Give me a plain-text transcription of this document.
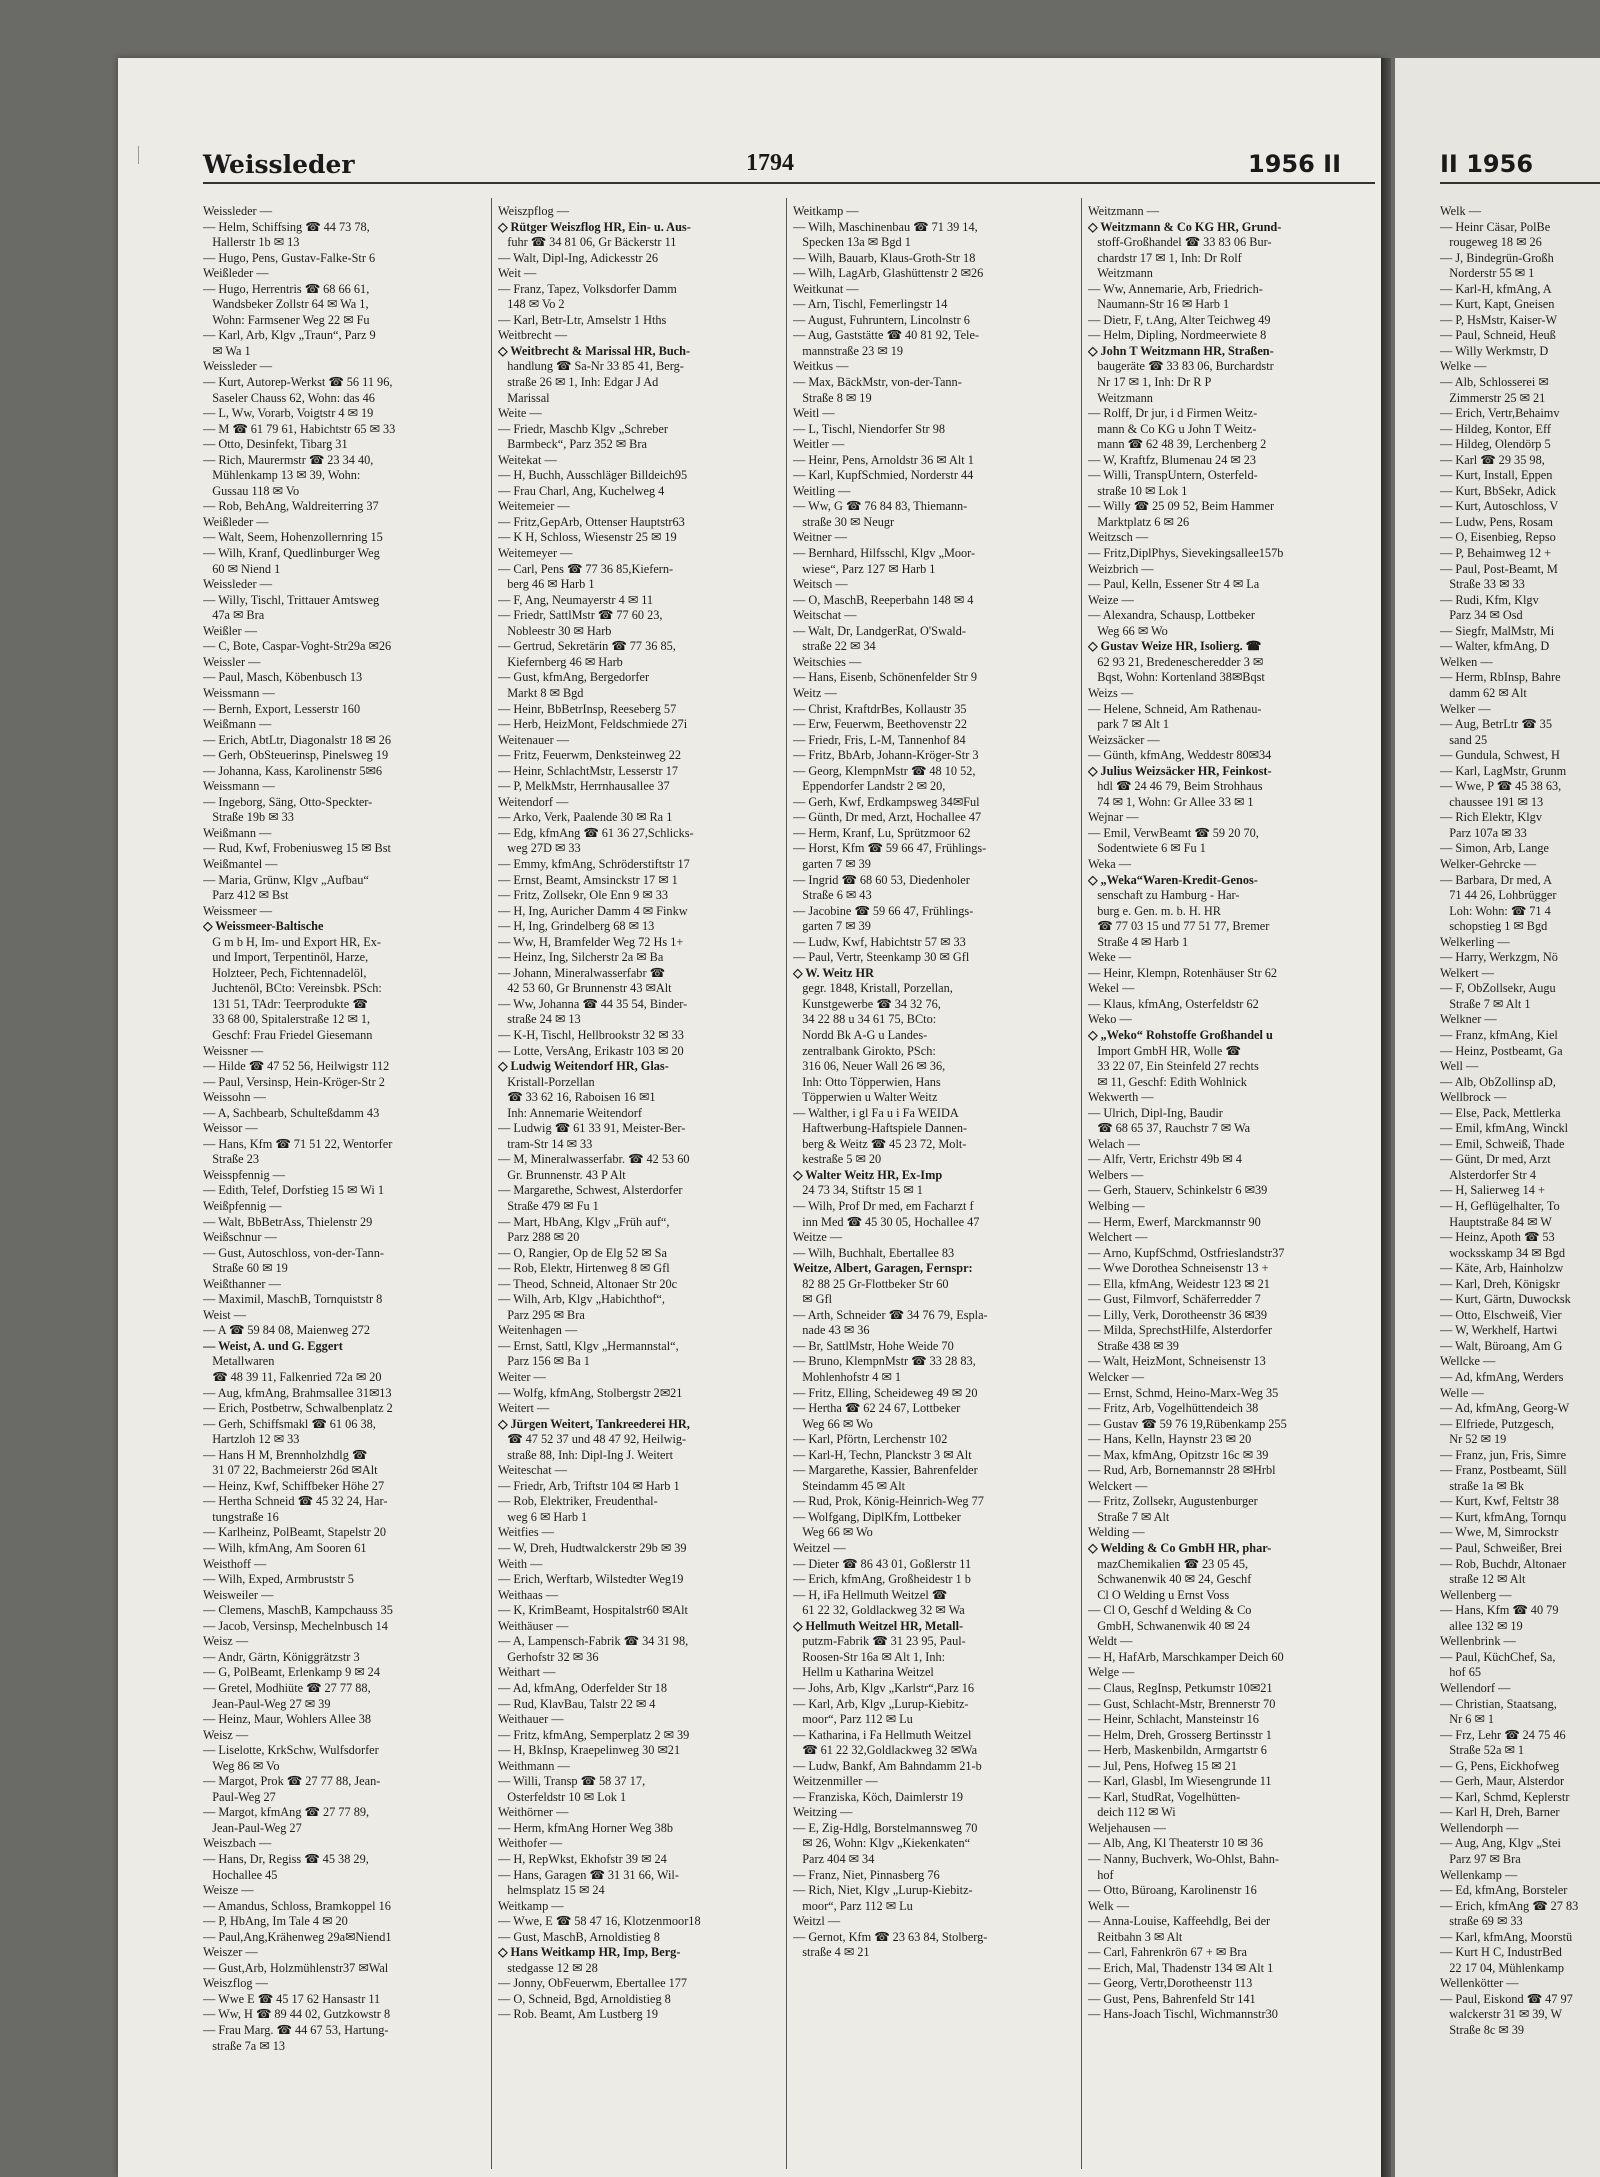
Weissleder	1794	1956 II
Weissleder —
— Helm, Schiffsing ☎ 44 73 78,
Hallerstr 1b ✉ 13
— Hugo, Pens, Gustav-Falke-Str 6
Weißleder —
— Hugo, Herrentris ☎ 68 66 61,
Wandsbeker Zollstr 64 ✉ Wa 1,
Wohn: Farmsener Weg 22 ✉ Fu
— Karl, Arb, Klgv „Traun“, Parz 9
✉ Wa 1
Weissleder —
— Kurt, Autorep-Werkst ☎ 56 11 96,
Saseler Chauss 62, Wohn: das 46
— L, Ww, Vorarb, Voigtstr 4 ✉ 19
— M ☎ 61 79 61, Habichtstr 65 ✉ 33
— Otto, Desinfekt, Tibarg 31
— Rich, Maurermstr ☎ 23 34 40,
Mühlenkamp 13 ✉ 39, Wohn:
Gussau 118 ✉ Vo
— Rob, BehAng, Waldreiterring 37
Weißleder —
— Walt, Seem, Hohenzollernring 15
— Wilh, Kranf, Quedlinburger Weg
60 ✉ Niend 1
Weissleder —
— Willy, Tischl, Trittauer Amtsweg
47a ✉ Bra
Weißler —
— C, Bote, Caspar-Voght-Str29a ✉26
Weissler —
— Paul, Masch, Köbenbusch 13
Weissmann —
— Bernh, Export, Lesserstr 160
Weißmann —
— Erich, AbtLtr, Diagonalstr 18 ✉ 26
— Gerh, ObSteuerinsp, Pinelsweg 19
— Johanna, Kass, Karolinenstr 5✉6
Weissmann —
— Ingeborg, Säng, Otto-Speckter-
Straße 19b ✉ 33
Weißmann —
— Rud, Kwf, Frobeniusweg 15 ✉ Bst
Weißmantel —
— Maria, Grünw, Klgv „Aufbau“
Parz 412 ✉ Bst
Weissmeer —
◇ Weissmeer-Baltische
G m b H, Im- und Export HR, Ex-
und Import, Terpentinöl, Harze,
Holzteer, Pech, Fichtennadelöl,
Juchtenöl, BCto: Vereinsbk. PSch:
131 51, TAdr: Teerprodukte ☎
33 68 00, Spitalerstraße 12 ✉ 1,
Geschf: Frau Friedel Giesemann
Weissner —
— Hilde ☎ 47 52 56, Heilwigstr 112
— Paul, Versinsp, Hein-Kröger-Str 2
Weissohn —
— A, Sachbearb, Schulteßdamm 43
Weissor —
— Hans, Kfm ☎ 71 51 22, Wentorfer
Straße 23
Weisspfennig —
— Edith, Telef, Dorfstieg 15 ✉ Wi 1
Weißpfennig —
— Walt, BbBetrAss, Thielenstr 29
Weißschnur —
— Gust, Autoschloss, von-der-Tann-
Straße 60 ✉ 19
Weißthanner —
— Maximil, MaschB, Tornquiststr 8
Weist —
— A ☎ 59 84 08, Maienweg 272
— Weist, A. und G. Eggert
Metallwaren
☎ 48 39 11, Falkenried 72a ✉ 20
— Aug, kfmAng, Brahmsallee 31✉13
— Erich, Postbetrw, Schwalbenplatz 2
— Gerh, Schiffsmakl ☎ 61 06 38,
Hartzloh 12 ✉ 33
— Hans H M, Brennholzhdlg ☎
31 07 22, Bachmeierstr 26d ✉Alt
— Heinz, Kwf, Schiffbeker Höhe 27
— Hertha Schneid ☎ 45 32 24, Har-
tungstraße 16
— Karlheinz, PolBeamt, Stapelstr 20
— Wilh, kfmAng, Am Sooren 61
Weisthoff —
— Wilh, Exped, Armbruststr 5
Weisweiler —
— Clemens, MaschB, Kampchauss 35
— Jacob, Versinsp, Mechelnbusch 14
Weisz —
— Andr, Gärtn, Königgrätzstr 3
— G, PolBeamt, Erlenkamp 9 ✉ 24
— Gretel, Modhiüte ☎ 27 77 88,
Jean-Paul-Weg 27 ✉ 39
— Heinz, Maur, Wohlers Allee 38
Weisz —
— Liselotte, KrkSchw, Wulfsdorfer
Weg 86 ✉ Vo
— Margot, Prok ☎ 27 77 88, Jean-
Paul-Weg 27
— Margot, kfmAng ☎ 27 77 89,
Jean-Paul-Weg 27
Weiszbach —
— Hans, Dr, Regiss ☎ 45 38 29,
Hochallee 45
Weisze —
— Amandus, Schloss, Bramkoppel 16
— P, HbAng, Im Tale 4 ✉ 20
— Paul,Ang,Krähenweg 29a✉Niend1
Weiszer —
— Gust,Arb, Holzmühlenstr37 ✉Wal
Weiszflog —
— Wwe E ☎ 45 17 62 Hansastr 11
— Ww, H ☎ 89 44 02, Gutzkowstr 8
— Frau Marg. ☎ 44 67 53, Hartung-
straße 7a ✉ 13
Weiszpflog —
◇ Rütger Weiszflog HR, Ein- u. Aus-
fuhr ☎ 34 81 06, Gr Bäckerstr 11
— Walt, Dipl-Ing, Adickesstr 26
Weit —
— Franz, Tapez, Volksdorfer Damm
148 ✉ Vo 2
— Karl, Betr-Ltr, Amselstr 1 Hths
Weitbrecht —
◇ Weitbrecht & Marissal HR, Buch-
handlung ☎ Sa-Nr 33 85 41, Berg-
straße 26 ✉ 1, Inh: Edgar J Ad
Marissal
Weite —
— Friedr, Maschb Klgv „Schreber
Barmbeck“, Parz 352 ✉ Bra
Weitekat —
— H, Buchh, Ausschläger Billdeich95
— Frau Charl, Ang, Kuchelweg 4
Weitemeier —
— Fritz,GepArb, Ottenser Hauptstr63
— K H, Schloss, Wiesenstr 25 ✉ 19
Weitemeyer —
— Carl, Pens ☎ 77 36 85,Kiefern-
berg 46 ✉ Harb 1
— F, Ang, Neumayerstr 4 ✉ 11
— Friedr, SattlMstr ☎ 77 60 23,
Nobleestr 30 ✉ Harb
— Gertrud, Sekretärin ☎ 77 36 85,
Kiefernberg 46 ✉ Harb
— Gust, kfmAng, Bergedorfer
Markt 8 ✉ Bgd
— Heinr, BbBetrInsp, Reeseberg 57
— Herb, HeizMont, Feldschmiede 27i
Weitenauer —
— Fritz, Feuerwm, Denksteinweg 22
— Heinr, SchlachtMstr, Lesserstr 17
— P, MelkMstr, Herrnhausallee 37
Weitendorf —
— Arko, Verk, Paalende 30 ✉ Ra 1
— Edg, kfmAng ☎ 61 36 27,Schlicks-
weg 27D ✉ 33
— Emmy, kfmAng, Schröderstiftstr 17
— Ernst, Beamt, Amsinckstr 17 ✉ 1
— Fritz, Zollsekr, Ole Enn 9 ✉ 33
— H, Ing, Auricher Damm 4 ✉ Finkw
— H, Ing, Grindelberg 68 ✉ 13
— Ww, H, Bramfelder Weg 72 Hs 1+
— Heinz, Ing, Silcherstr 2a ✉ Ba
— Johann, Mineralwasserfabr ☎
42 53 60, Gr Brunnenstr 43 ✉Alt
— Ww, Johanna ☎ 44 35 54, Binder-
straße 24 ✉ 13
— K-H, Tischl, Hellbrookstr 32 ✉ 33
— Lotte, VersAng, Erikastr 103 ✉ 20
◇ Ludwig Weitendorf HR, Glas-
Kristall-Porzellan
☎ 33 62 16, Raboisen 16 ✉1
Inh: Annemarie Weitendorf
— Ludwig ☎ 61 33 91, Meister-Ber-
tram-Str 14 ✉ 33
— M, Mineralwasserfabr. ☎ 42 53 60
Gr. Brunnenstr. 43 P Alt
— Margarethe, Schwest, Alsterdorfer
Straße 479 ✉ Fu 1
— Mart, HbAng, Klgv „Früh auf“,
Parz 288 ✉ 20
— O, Rangier, Op de Elg 52 ✉ Sa
— Rob, Elektr, Hirtenweg 8 ✉ Gfl
— Theod, Schneid, Altonaer Str 20c
— Wilh, Arb, Klgv „Habichthof“,
Parz 295 ✉ Bra
Weitenhagen —
— Ernst, Sattl, Klgv „Hermannstal“,
Parz 156 ✉ Ba 1
Weiter —
— Wolfg, kfmAng, Stolbergstr 2✉21
Weitert —
◇ Jürgen Weitert, Tankreederei HR,
☎ 47 52 37 und 48 47 92, Heilwig-
straße 88, Inh: Dipl-Ing J. Weitert
Weiteschat —
— Friedr, Arb, Triftstr 104 ✉ Harb 1
— Rob, Elektriker, Freudenthal-
weg 6 ✉ Harb 1
Weitfies —
— W, Dreh, Hudtwalckerstr 29b ✉ 39
Weith —
— Erich, Werftarb, Wilstedter Weg19
Weithaas —
— K, KrimBeamt, Hospitalstr60 ✉Alt
Weithäuser —
— A, Lampensch-Fabrik ☎ 34 31 98,
Gerhofstr 32 ✉ 36
Weithart —
— Ad, kfmAng, Oderfelder Str 18
— Rud, KlavBau, Talstr 22 ✉ 4
Weithauer —
— Fritz, kfmAng, Semperplatz 2 ✉ 39
— H, BkInsp, Kraepelinweg 30 ✉21
Weithmann —
— Willi, Transp ☎ 58 37 17,
Osterfeldstr 10 ✉ Lok 1
Weithörner —
— Herm, kfmAng Horner Weg 38b
Weithofer —
— H, RepWkst, Ekhofstr 39 ✉ 24
— Hans, Garagen ☎ 31 31 66, Wil-
helmsplatz 15 ✉ 24
Weitkamp —
— Wwe, E ☎ 58 47 16, Klotzenmoor18
— Gust, MaschB, Arnoldistieg 8
◇ Hans Weitkamp HR, Imp, Berg-
stedgasse 12 ✉ 28
— Jonny, ObFeuerwm, Ebertallee 177
— O, Schneid, Bgd, Arnoldistieg 8
— Rob. Beamt, Am Lustberg 19
Weitkamp —
— Wilh, Maschinenbau ☎ 71 39 14,
Specken 13a ✉ Bgd 1
— Wilh, Bauarb, Klaus-Groth-Str 18
— Wilh, LagArb, Glashüttenstr 2 ✉26
Weitkunat —
— Arn, Tischl, Femerlingstr 14
— August, Fuhruntern, Lincolnstr 6
— Aug, Gaststätte ☎ 40 81 92, Tele-
mannstraße 23 ✉ 19
Weitkus —
— Max, BäckMstr, von-der-Tann-
Straße 8 ✉ 19
Weitl —
— L, Tischl, Niendorfer Str 98
Weitler —
— Heinr, Pens, Arnoldstr 36 ✉ Alt 1
— Karl, KupfSchmied, Norderstr 44
Weitling —
— Ww, G ☎ 76 84 83, Thiemann-
straße 30 ✉ Neugr
Weitner —
— Bernhard, Hilfsschl, Klgv „Moor-
wiese“, Parz 127 ✉ Harb 1
Weitsch —
— O, MaschB, Reeperbahn 148 ✉ 4
Weitschat —
— Walt, Dr, LandgerRat, O'Swald-
straße 22 ✉ 34
Weitschies —
— Hans, Eisenb, Schönenfelder Str 9
Weitz —
— Christ, KraftdrBes, Kollaustr 35
— Erw, Feuerwm, Beethovenstr 22
— Friedr, Fris, L-M, Tannenhof 84
— Fritz, BbArb, Johann-Kröger-Str 3
— Georg, KlempnMstr ☎ 48 10 52,
Eppendorfer Landstr 2 ✉ 20,
— Gerh, Kwf, Erdkampsweg 34✉Ful
— Günth, Dr med, Arzt, Hochallee 47
— Herm, Kranf, Lu, Sprützmoor 62
— Horst, Kfm ☎ 59 66 47, Frühlings-
garten 7 ✉ 39
— Ingrid ☎ 68 60 53, Diedenholer
Straße 6 ✉ 43
— Jacobine ☎ 59 66 47, Frühlings-
garten 7 ✉ 39
— Ludw, Kwf, Habichtstr 57 ✉ 33
— Paul, Vertr, Steenkamp 30 ✉ Gfl
◇ W. Weitz HR
gegr. 1848, Kristall, Porzellan,
Kunstgewerbe ☎ 34 32 76,
34 22 88 u 34 61 75, BCto:
Nordd Bk A-G u Landes-
zentralbank Girokto, PSch:
316 06, Neuer Wall 26 ✉ 36,
Inh: Otto Töpperwien, Hans
Töpperwien u Walter Weitz
— Walther, i gl Fa u i Fa WEIDA
Haftwerbung-Haftspiele Dannen-
berg & Weitz ☎ 45 23 72, Molt-
kestraße 5 ✉ 20
◇ Walter Weitz HR, Ex-Imp
24 73 34, Stiftstr 15 ✉ 1
— Wilh, Prof Dr med, em Facharzt f
inn Med ☎ 45 30 05, Hochallee 47
Weitze —
— Wilh, Buchhalt, Ebertallee 83
Weitze, Albert, Garagen, Fernspr:
82 88 25 Gr-Flottbeker Str 60
✉ Gfl
— Arth, Schneider ☎ 34 76 79, Espla-
nade 43 ✉ 36
— Br, SattlMstr, Hohe Weide 70
— Bruno, KlempnMstr ☎ 33 28 83,
Mohlenhofstr 4 ✉ 1
— Fritz, Elling, Scheideweg 49 ✉ 20
— Hertha ☎ 62 24 67, Lottbeker
Weg 66 ✉ Wo
— Karl, Pförtn, Lerchenstr 102
— Karl-H, Techn, Planckstr 3 ✉ Alt
— Margarethe, Kassier, Bahrenfelder
Steindamm 45 ✉ Alt
— Rud, Prok, König-Heinrich-Weg 77
— Wolfgang, DiplKfm, Lottbeker
Weg 66 ✉ Wo
Weitzel —
— Dieter ☎ 86 43 01, Goßlerstr 11
— Erich, kfmAng, Großheidestr 1 b
— H, iFa Hellmuth Weitzel ☎
61 22 32, Goldlackweg 32 ✉ Wa
◇ Hellmuth Weitzel HR, Metall-
putzm-Fabrik ☎ 31 23 95, Paul-
Roosen-Str 16a ✉ Alt 1, Inh:
Hellm u Katharina Weitzel
— Johs, Arb, Klgv „Karlstr“,Parz 16
— Karl, Arb, Klgv „Lurup-Kiebitz-
moor“, Parz 112 ✉ Lu
— Katharina, i Fa Hellmuth Weitzel
☎ 61 22 32,Goldlackweg 32 ✉Wa
— Ludw, Bankf, Am Bahndamm 21-b
Weitzenmiller —
— Franziska, Köch, Daimlerstr 19
Weitzing —
— E, Zig-Hdlg, Borstelmannsweg 70
✉ 26, Wohn: Klgv „Kiekenkaten“
Parz 404 ✉ 34
— Franz, Niet, Pinnasberg 76
— Rich, Niet, Klgv „Lurup-Kiebitz-
moor“, Parz 112 ✉ Lu
Weitzl —
— Gernot, Kfm ☎ 23 63 84, Stolberg-
straße 4 ✉ 21
Weitzmann —
◇ Weitzmann & Co KG HR, Grund-
stoff-Großhandel ☎ 33 83 06 Bur-
chardstr 17 ✉ 1, Inh: Dr Rolf
Weitzmann
— Ww, Annemarie, Arb, Friedrich-
Naumann-Str 16 ✉ Harb 1
— Dietr, F, t.Ang, Alter Teichweg 49
— Helm, Dipling, Nordmeerwiete 8
◇ John T Weitzmann HR, Straßen-
baugeräte ☎ 33 83 06, Burchardstr
Nr 17 ✉ 1, Inh: Dr R P
Weitzmann
— Rolff, Dr jur, i d Firmen Weitz-
mann & Co KG u John T Weitz-
mann ☎ 62 48 39, Lerchenberg 2
— W, Kraftfz, Blumenau 24 ✉ 23
— Willi, TranspUntern, Osterfeld-
straße 10 ✉ Lok 1
— Willy ☎ 25 09 52, Beim Hammer
Marktplatz 6 ✉ 26
Weitzsch —
— Fritz,DiplPhys, Sievekingsallee157b
Weizbrich —
— Paul, Kelln, Essener Str 4 ✉ La
Weize —
— Alexandra, Schausp, Lottbeker
Weg 66 ✉ Wo
◇ Gustav Weize HR, Isolierg. ☎
62 93 21, Bredenescheredder 3 ✉
Bqst, Wohn: Kortenland 38✉Bqst
Weizs —
— Helene, Schneid, Am Rathenau-
park 7 ✉ Alt 1
Weizsäcker —
— Günth, kfmAng, Weddestr 80✉34
◇ Julius Weizsäcker HR, Feinkost-
hdl ☎ 24 46 79, Beim Strohhaus
74 ✉ 1, Wohn: Gr Allee 33 ✉ 1
Wejnar —
— Emil, VerwBeamt ☎ 59 20 70,
Sodentwiete 6 ✉ Fu 1
Weka —
◇ „Weka“Waren-Kredit-Genos-
senschaft zu Hamburg - Har-
burg e. Gen. m. b. H. HR
☎ 77 03 15 und 77 51 77, Bremer
Straße 4 ✉ Harb 1
Weke —
— Heinr, Klempn, Rotenhäuser Str 62
Wekel —
— Klaus, kfmAng, Osterfeldstr 62
Weko —
◇ „Weko“ Rohstoffe Großhandel u
Import GmbH HR, Wolle ☎
33 22 07, Ein Steinfeld 27 rechts
✉ 11, Geschf: Edith Wohlnick
Wekwerth —
— Ulrich, Dipl-Ing, Baudir
☎ 68 65 37, Rauchstr 7 ✉ Wa
Welach —
— Alfr, Vertr, Erichstr 49b ✉ 4
Welbers —
— Gerh, Stauerv, Schinkelstr 6 ✉39
Welbing —
— Herm, Ewerf, Marckmannstr 90
Welchert —
— Arno, KupfSchmd, Ostfrieslandstr37
— Wwe Dorothea Schneisenstr 13 +
— Ella, kfmAng, Weidestr 123 ✉ 21
— Gust, Filmvorf, Schäferredder 7
— Lilly, Verk, Dorotheenstr 36 ✉39
— Milda, SprechstHilfe, Alsterdorfer
Straße 438 ✉ 39
— Walt, HeizMont, Schneisenstr 13
Welcker —
— Ernst, Schmd, Heino-Marx-Weg 35
— Fritz, Arb, Vogelhüttendeich 38
— Gustav ☎ 59 76 19,Rübenkamp 255
— Hans, Kelln, Haynstr 23 ✉ 20
— Max, kfmAng, Opitzstr 16c ✉ 39
— Rud, Arb, Bornemannstr 28 ✉Hrbl
Welckert —
— Fritz, Zollsekr, Augustenburger
Straße 7 ✉ Alt
Welding —
◇ Welding & Co GmbH HR, phar-
mazChemikalien ☎ 23 05 45,
Schwanenwik 40 ✉ 24, Geschf
Cl O Welding u Ernst Voss
— Cl O, Geschf d Welding & Co
GmbH, Schwanenwik 40 ✉ 24
Weldt —
— H, HafArb, Marschkamper Deich 60
Welge —
— Claus, RegInsp, Petkumstr 10✉21
— Gust, Schlacht-Mstr, Brennerstr 70
— Heinr, Schlacht, Mansteinstr 16
— Helm, Dreh, Grosserg Bertinsstr 1
— Herb, Maskenbildn, Armgartstr 6
— Jul, Pens, Hofweg 15 ✉ 21
— Karl, Glasbl, Im Wiesengrunde 11
— Karl, StudRat, Vogelhütten-
deich 112 ✉ Wi
Weljehausen —
— Alb, Ang, Kl Theaterstr 10 ✉ 36
— Nanny, Buchverk, Wo-Ohlst, Bahn-
hof
— Otto, Büroang, Karolinenstr 16
Welk —
— Anna-Louise, Kaffeehdlg, Bei der
Reitbahn 3 ✉ Alt
— Carl, Fahrenkrön 67 + ✉ Bra
— Erich, Mal, Thadenstr 134 ✉ Alt 1
— Georg, Vertr,Dorotheenstr 113
— Gust, Pens, Bahrenfeld Str 141
— Hans-Joach Tischl, Wichmannstr30
II 1956
Welk —
— Heinr Cäsar, PolBe
rougeweg 18 ✉ 26
— J, Bindegrün-Großh
Norderstr 55 ✉ 1
— Karl-H, kfmAng, A
— Kurt, Kapt, Gneisen
— P, HsMstr, Kaiser-W
— Paul, Schneid, Heuß
— Willy Werkmstr, D
Welke —
— Alb, Schlosserei ✉
Zimmerstr 25 ✉ 21
— Erich, Vertr,Behaimv
— Hildeg, Kontor, Eff
— Hildeg, Olendörp 5
— Karl ☎ 29 35 98,
— Kurt, Install, Eppen
— Kurt, BbSekr, Adick
— Kurt, Autoschloss, V
— Ludw, Pens, Rosam
— O, Eisenbieg, Repso
— P, Behaimweg 12 +
— Paul, Post-Beamt, M
Straße 33 ✉ 33
— Rudi, Kfm, Klgv
Parz 34 ✉ Osd
— Siegfr, MalMstr, Mi
— Walter, kfmAng, D
Welken —
— Herm, RbInsp, Bahre
damm 62 ✉ Alt
Welker —
— Aug, BetrLtr ☎ 35
sand 25
— Gundula, Schwest, H
— Karl, LagMstr, Grunm
— Wwe, P ☎ 45 38 63,
chaussee 191 ✉ 13
— Rich Elektr, Klgv
Parz 107a ✉ 33
— Simon, Arb, Lange
Welker-Gehrcke —
— Barbara, Dr med, A
71 44 26, Lohbrügger
Loh: Wohn: ☎ 71 4
schopstieg 1 ✉ Bgd
Welkerling —
— Harry, Werkzgm, Nö
Welkert —
— F, ObZollsekr, Augu
Straße 7 ✉ Alt 1
Welkner —
— Franz, kfmAng, Kiel
— Heinz, Postbeamt, Ga
Well —
— Alb, ObZollinsp aD,
Wellbrock —
— Else, Pack, Mettlerka
— Emil, kfmAng, Winckl
— Emil, Schweiß, Thade
— Günt, Dr med, Arzt
Alsterdorfer Str 4
— H, Salierweg 14 +
— H, Geflügelhalter, To
Hauptstraße 84 ✉ W
— Heinz, Apoth ☎ 53
wocksskamp 34 ✉ Bgd
— Käte, Arb, Hainholzw
— Karl, Dreh, Königskr
— Kurt, Gärtn, Duwocksk
— Otto, Elschweiß, Vier
— W, Werkhelf, Hartwi
— Walt, Büroang, Am G
Wellcke —
— Ad, kfmAng, Werders
Welle —
— Ad, kfmAng, Georg-W
— Elfriede, Putzgesch,
Nr 52 ✉ 19
— Franz, jun, Fris, Simre
— Franz, Postbeamt, Süll
straße 1a ✉ Bk
— Kurt, Kwf, Feltstr 38
— Kurt, kfmAng, Tornqu
— Wwe, M, Simrockstr
— Paul, Schweißer, Brei
— Rob, Buchdr, Altonaer
straße 12 ✉ Alt
Wellenberg —
— Hans, Kfm ☎ 40 79
allee 132 ✉ 19
Wellenbrink —
— Paul, KüchChef, Sa,
hof 65
Wellendorf —
— Christian, Staatsang,
Nr 6 ✉ 1
— Frz, Lehr ☎ 24 75 46
Straße 52a ✉ 1
— G, Pens, Eickhofweg
— Gerh, Maur, Alsterdor
— Karl, Schmd, Keplerstr
— Karl H, Dreh, Barner
Wellendorph —
— Aug, Ang, Klgv „Stei
Parz 97 ✉ Bra
Wellenkamp —
— Ed, kfmAng, Borsteler
— Erich, kfmAng ☎ 27 83
straße 69 ✉ 33
— Karl, kfmAng, Moorstü
— Kurt H C, IndustrBed
22 17 04, Mühlenkamp
Wellenkötter —
— Paul, Eiskond ☎ 47 97
walckerstr 31 ✉ 39, W
Straße 8c ✉ 39
